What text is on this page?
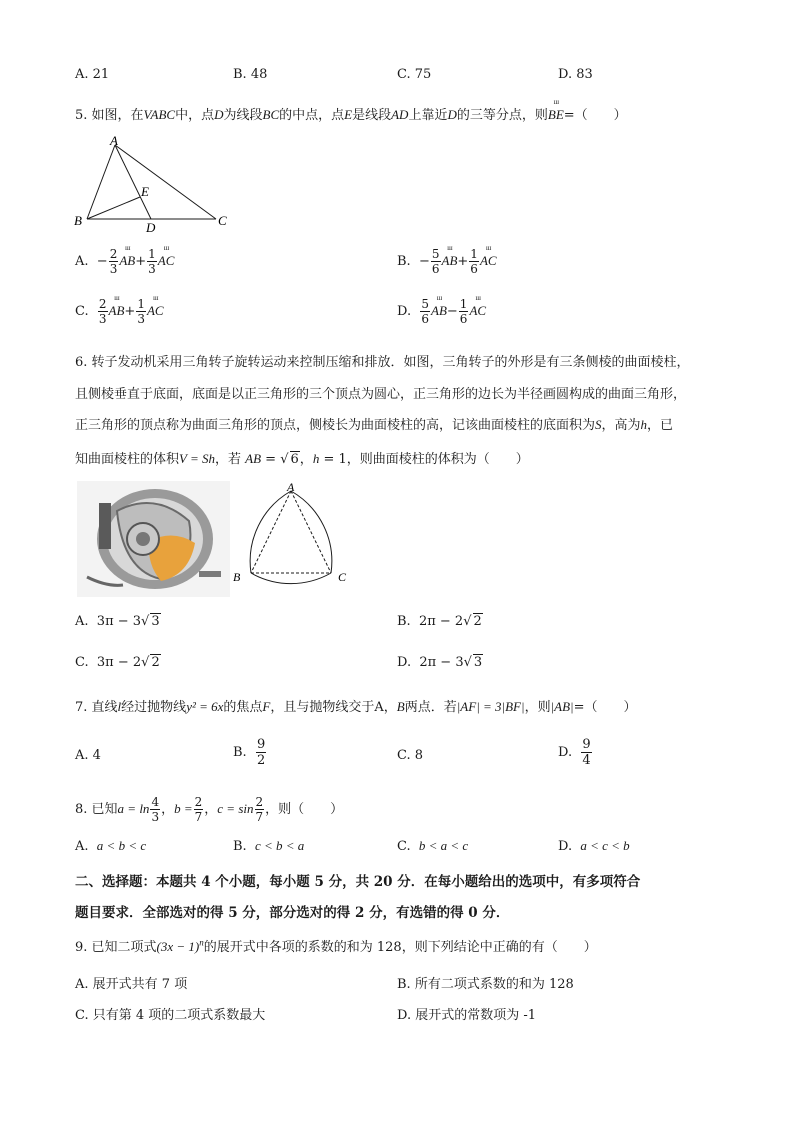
A. 21	B. 48	C. 75	D. 83
5. 如图，在VABC中，点D为线段BC的中点，点E是线段AD上靠近D的三等分点，则
ш
BE=（　　）
A
B	C
D
E
A. − $\frac{2}{3}$ ш
$AB+ \frac{1}{3}$	ш
AC	B. − $\frac{5}{6}$ ш
$AB+ \frac{1}{6}$	ш
AC
C. $\frac{2}{3}$ ш
$AB+ \frac{1}{3}$	ш
AC	D. $\frac{5}{6}$ ш
$AB- \frac{1}{6}$	ш
AC
6. 转子发动机采用三角转子旋转运动来控制压缩和排放．如图，三角转子的外形是有三条侧棱的曲面棱柱，
且侧棱垂直于底面，底面是以正三角形的三个顶点为圆心，正三角形的边长为半径画圆构成的曲面三角形，
正三角形的顶点称为曲面三角形的顶点，侧棱长为曲面棱柱的高，记该曲面棱柱的底面积为S，高为h，已
知曲面棱柱的体积V = Sh，若 AB = √ 6，h = 1，则曲面棱柱的体积为（　　）
A
B	C
A. 3π − 3√ 3	B. 2π − 2√ 2
C. 3π − 2√ 2	D. 2π − 3√ 3
7. 直线l经过抛物线y² = 6x的焦点F，且与抛物线交于A，B两点．若|AF| = 3|BF|，则|AB|=（　　）
A. 4	B. $\frac{9}{2}$	C. 8	D. $\frac{9}{4}$
8. 已知$a = \ln \frac{4}{3}$ ，$b = \frac{2}{7}$ ，$c = \sin \frac{2}{7}$ ，则（　　）
A. a < b < c	B. c < b < a	C. b < a < c	D. a < c < b
二、选择题：本题共 4 个小题，每小题 5 分，共 20 分．在每小题给出的选项中，有多项符合
题目要求．全部选对的得 5 分，部分选对的得 2 分，有选错的得 0 分．
9. 已知二项式$(3x - 1)^n$的展开式中各项的系数的和为 128，则下列结论中正确的有（　　）
A. 展开式共有 7 项	B. 所有二项式系数的和为 128
C. 只有第 4 项的二项式系数最大	D. 展开式的常数项为 -1
